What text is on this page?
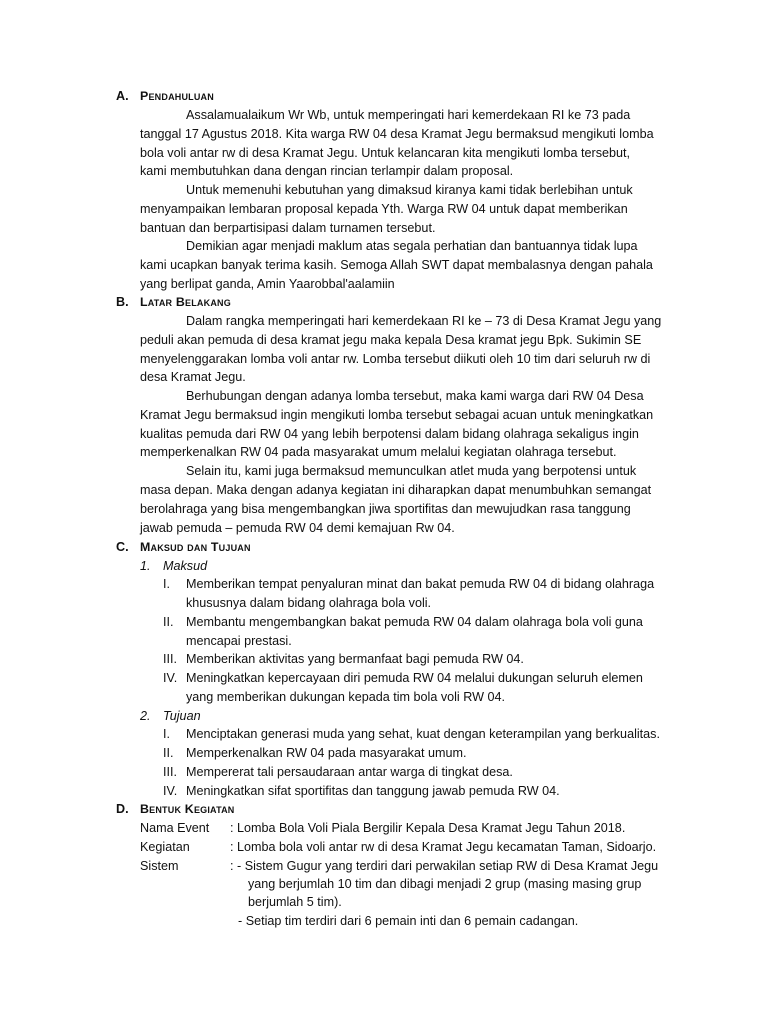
A. Pendahuluan
Assalamualaikum Wr Wb, untuk memperingati hari kemerdekaan RI ke 73 pada
tanggal 17 Agustus 2018. Kita warga RW 04 desa Kramat Jegu bermaksud mengikuti lomba
bola voli antar rw di desa Kramat Jegu. Untuk kelancaran kita mengikuti lomba tersebut,
kami membutuhkan dana dengan rincian terlampir dalam proposal.
Untuk memenuhi kebutuhan yang dimaksud kiranya kami tidak berlebihan untuk
menyampaikan lembaran proposal kepada Yth. Warga RW 04 untuk dapat memberikan
bantuan dan berpartisipasi dalam turnamen tersebut.
Demikian agar menjadi maklum atas segala perhatian dan bantuannya tidak lupa
kami ucapkan banyak terima kasih. Semoga Allah SWT dapat membalasnya dengan pahala
yang berlipat ganda, Amin Yaarobbal'aalamiin
B. Latar Belakang
Dalam rangka memperingati hari kemerdekaan RI ke – 73 di Desa Kramat Jegu yang
peduli akan pemuda di desa kramat jegu maka kepala Desa kramat jegu Bpk. Sukimin SE
menyelenggarakan lomba voli antar rw. Lomba tersebut diikuti oleh 10 tim dari seluruh rw di
desa Kramat Jegu.
Berhubungan dengan adanya lomba tersebut, maka kami warga dari RW 04 Desa
Kramat Jegu bermaksud ingin mengikuti lomba tersebut sebagai acuan untuk meningkatkan
kualitas pemuda dari RW 04 yang lebih berpotensi dalam bidang olahraga sekaligus ingin
memperkenalkan RW 04 pada masyarakat umum melalui kegiatan olahraga tersebut.
Selain itu, kami juga bermaksud memunculkan atlet muda yang berpotensi untuk
masa depan. Maka dengan adanya kegiatan ini diharapkan dapat menumbuhkan semangat
berolahraga yang bisa mengembangkan jiwa sportifitas dan mewujudkan rasa tanggung
jawab pemuda – pemuda RW 04 demi kemajuan Rw 04.
C. Maksud dan Tujuan
1. Maksud
I. Memberikan tempat penyaluran minat dan bakat pemuda RW 04 di bidang olahraga
khususnya dalam bidang olahraga bola voli.
II. Membantu mengembangkan bakat pemuda RW 04 dalam olahraga bola voli guna
mencapai prestasi.
III. Memberikan aktivitas yang bermanfaat bagi pemuda RW 04.
IV. Meningkatkan kepercayaan diri pemuda RW 04 melalui dukungan seluruh elemen
yang memberikan dukungan kepada tim bola voli RW 04.
2. Tujuan
I. Menciptakan generasi muda yang sehat, kuat dengan keterampilan yang berkualitas.
II. Memperkenalkan RW 04 pada masyarakat umum.
III. Mempererat tali persaudaraan antar warga di tingkat desa.
IV. Meningkatkan sifat sportifitas dan tanggung jawab pemuda RW 04.
D. Bentuk Kegiatan
Nama Event : Lomba Bola Voli Piala Bergilir Kepala Desa Kramat Jegu Tahun 2018.
Kegiatan	: Lomba bola voli antar rw di desa Kramat Jegu kecamatan Taman, Sidoarjo.
Sistem	: - Sistem Gugur yang terdiri dari perwakilan setiap RW di Desa Kramat Jegu
yang berjumlah 10 tim dan dibagi menjadi 2 grup (masing masing grup
berjumlah 5 tim).
- Setiap tim terdiri dari 6 pemain inti dan 6 pemain cadangan.
